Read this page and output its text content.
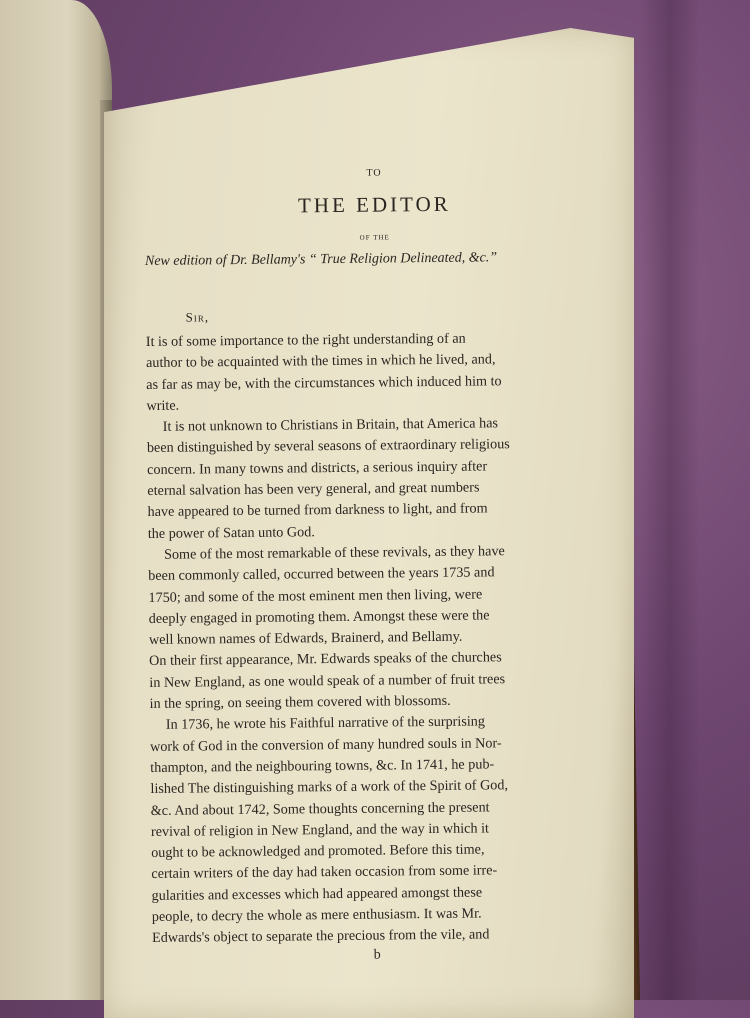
TO
THE EDITOR
OF THE
New edition of Dr. Bellamy's “ True Religion Delineated, &c.”
Sir,
It is of some importance to the right understanding of an
author to be acquainted with the times in which he lived, and,
as far as may be, with the circumstances which induced him to
write.
It is not unknown to Christians in Britain, that America has
been distinguished by several seasons of extraordinary religious
concern. In many towns and districts, a serious inquiry after
eternal salvation has been very general, and great numbers
have appeared to be turned from darkness to light, and from
the power of Satan unto God.
Some of the most remarkable of these revivals, as they have
been commonly called, occurred between the years 1735 and
1750; and some of the most eminent men then living, were
deeply engaged in promoting them. Amongst these were the
well known names of Edwards, Brainerd, and Bellamy.
On their first appearance, Mr. Edwards speaks of the churches
in New England, as one would speak of a number of fruit trees
in the spring, on seeing them covered with blossoms.
In 1736, he wrote his Faithful narrative of the surprising
work of God in the conversion of many hundred souls in Nor-
thampton, and the neighbouring towns, &c. In 1741, he pub-
lished The distinguishing marks of a work of the Spirit of God,
&c. And about 1742, Some thoughts concerning the present
revival of religion in New England, and the way in which it
ought to be acknowledged and promoted. Before this time,
certain writers of the day had taken occasion from some irre-
gularities and excesses which had appeared amongst these
people, to decry the whole as mere enthusiasm. It was Mr.
Edwards's object to separate the precious from the vile, and
b
